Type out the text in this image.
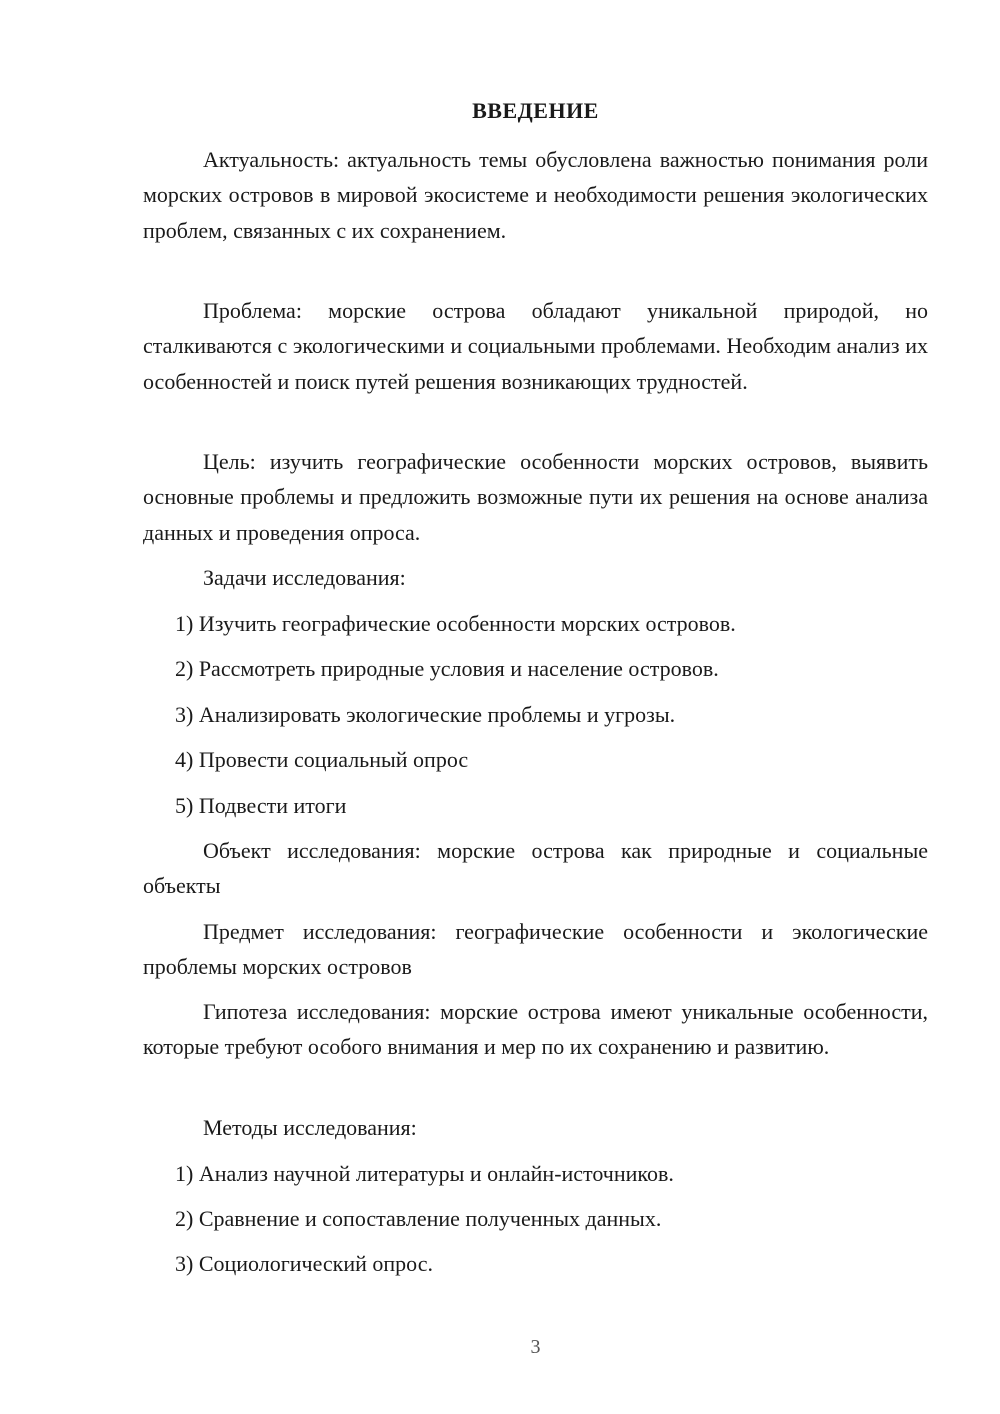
ВВЕДЕНИЕ

Актуальность: актуальность темы обусловлена важностью понимания роли морских островов в мировой экосистеме и необходимости решения экологических проблем, связанных с их сохранением.

Проблема: морские острова обладают уникальной природой, но сталкиваются с экологическими и социальными проблемами. Необходим анализ их особенностей и поиск путей решения возникающих трудностей.

Цель: изучить географические особенности морских островов, выявить основные проблемы и предложить возможные пути их решения на основе анализа данных и проведения опроса.

Задачи исследования:
1) Изучить географические особенности морских островов.
2) Рассмотреть природные условия и население островов.
3) Анализировать экологические проблемы и угрозы.
4) Провести социальный опрос
5) Подвести итоги

Объект исследования: морские острова как природные и социальные объекты

Предмет исследования: географические особенности и экологические проблемы морских островов

Гипотеза исследования: морские острова имеют уникальные особенности, которые требуют особого внимания и мер по их сохранению и развитию.

Методы исследования:
1) Анализ научной литературы и онлайн-источников.
2) Сравнение и сопоставление полученных данных.
3) Социологический опрос.
3
